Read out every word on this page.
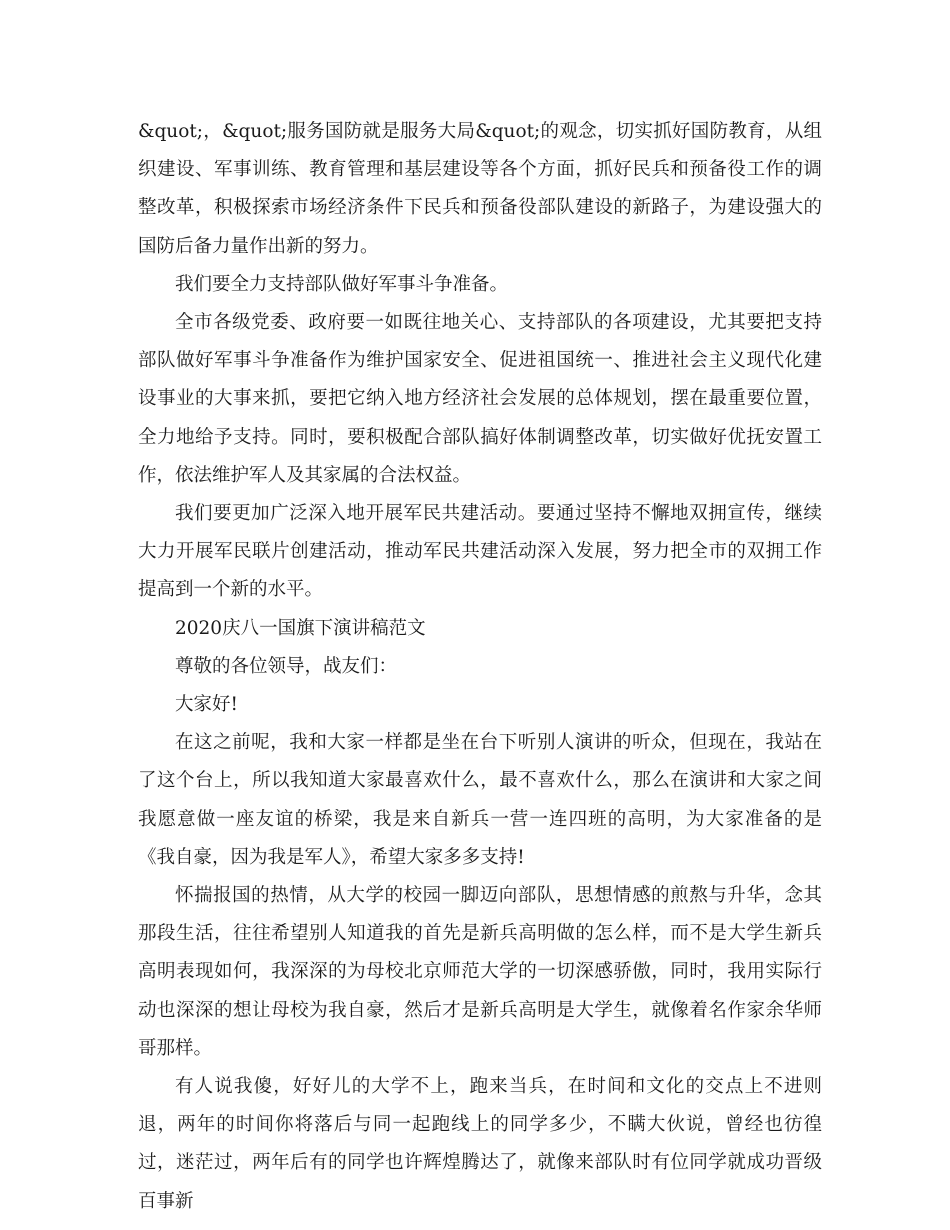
&quot;，&quot;服务国防就是服务大局&quot;的观念，切实抓好国防教育，从组织建设、军事训练、教育管理和基层建设等各个方面，抓好民兵和预备役工作的调整改革，积极探索市场经济条件下民兵和预备役部队建设的新路子，为建设强大的国防后备力量作出新的努力。

我们要全力支持部队做好军事斗争准备。

全市各级党委、政府要一如既往地关心、支持部队的各项建设，尤其要把支持部队做好军事斗争准备作为维护国家安全、促进祖国统一、推进社会主义现代化建设事业的大事来抓，要把它纳入地方经济社会发展的总体规划，摆在最重要位置，全力地给予支持。同时，要积极配合部队搞好体制调整改革，切实做好优抚安置工作，依法维护军人及其家属的合法权益。

我们要更加广泛深入地开展军民共建活动。要通过坚持不懈地双拥宣传，继续大力开展军民联片创建活动，推动军民共建活动深入发展，努力把全市的双拥工作提高到一个新的水平。

2020庆八一国旗下演讲稿范文

尊敬的各位领导，战友们：

大家好!

在这之前呢，我和大家一样都是坐在台下听别人演讲的听众，但现在，我站在了这个台上，所以我知道大家最喜欢什么，最不喜欢什么，那么在演讲和大家之间我愿意做一座友谊的桥梁，我是来自新兵一营一连四班的高明，为大家准备的是《我自豪，因为我是军人》，希望大家多多支持!

怀揣报国的热情，从大学的校园一脚迈向部队，思想情感的煎熬与升华，念其那段生活，往往希望别人知道我的首先是新兵高明做的怎么样，而不是大学生新兵高明表现如何，我深深的为母校北京师范大学的一切深感骄傲，同时，我用实际行动也深深的想让母校为我自豪，然后才是新兵高明是大学生，就像着名作家余华师哥那样。

有人说我傻，好好儿的大学不上，跑来当兵，在时间和文化的交点上不进则退，两年的时间你将落后与同一起跑线上的同学多少，不瞒大伙说，曾经也彷徨过，迷茫过，两年后有的同学也许辉煌腾达了，就像来部队时有位同学就成功晋级百事新
